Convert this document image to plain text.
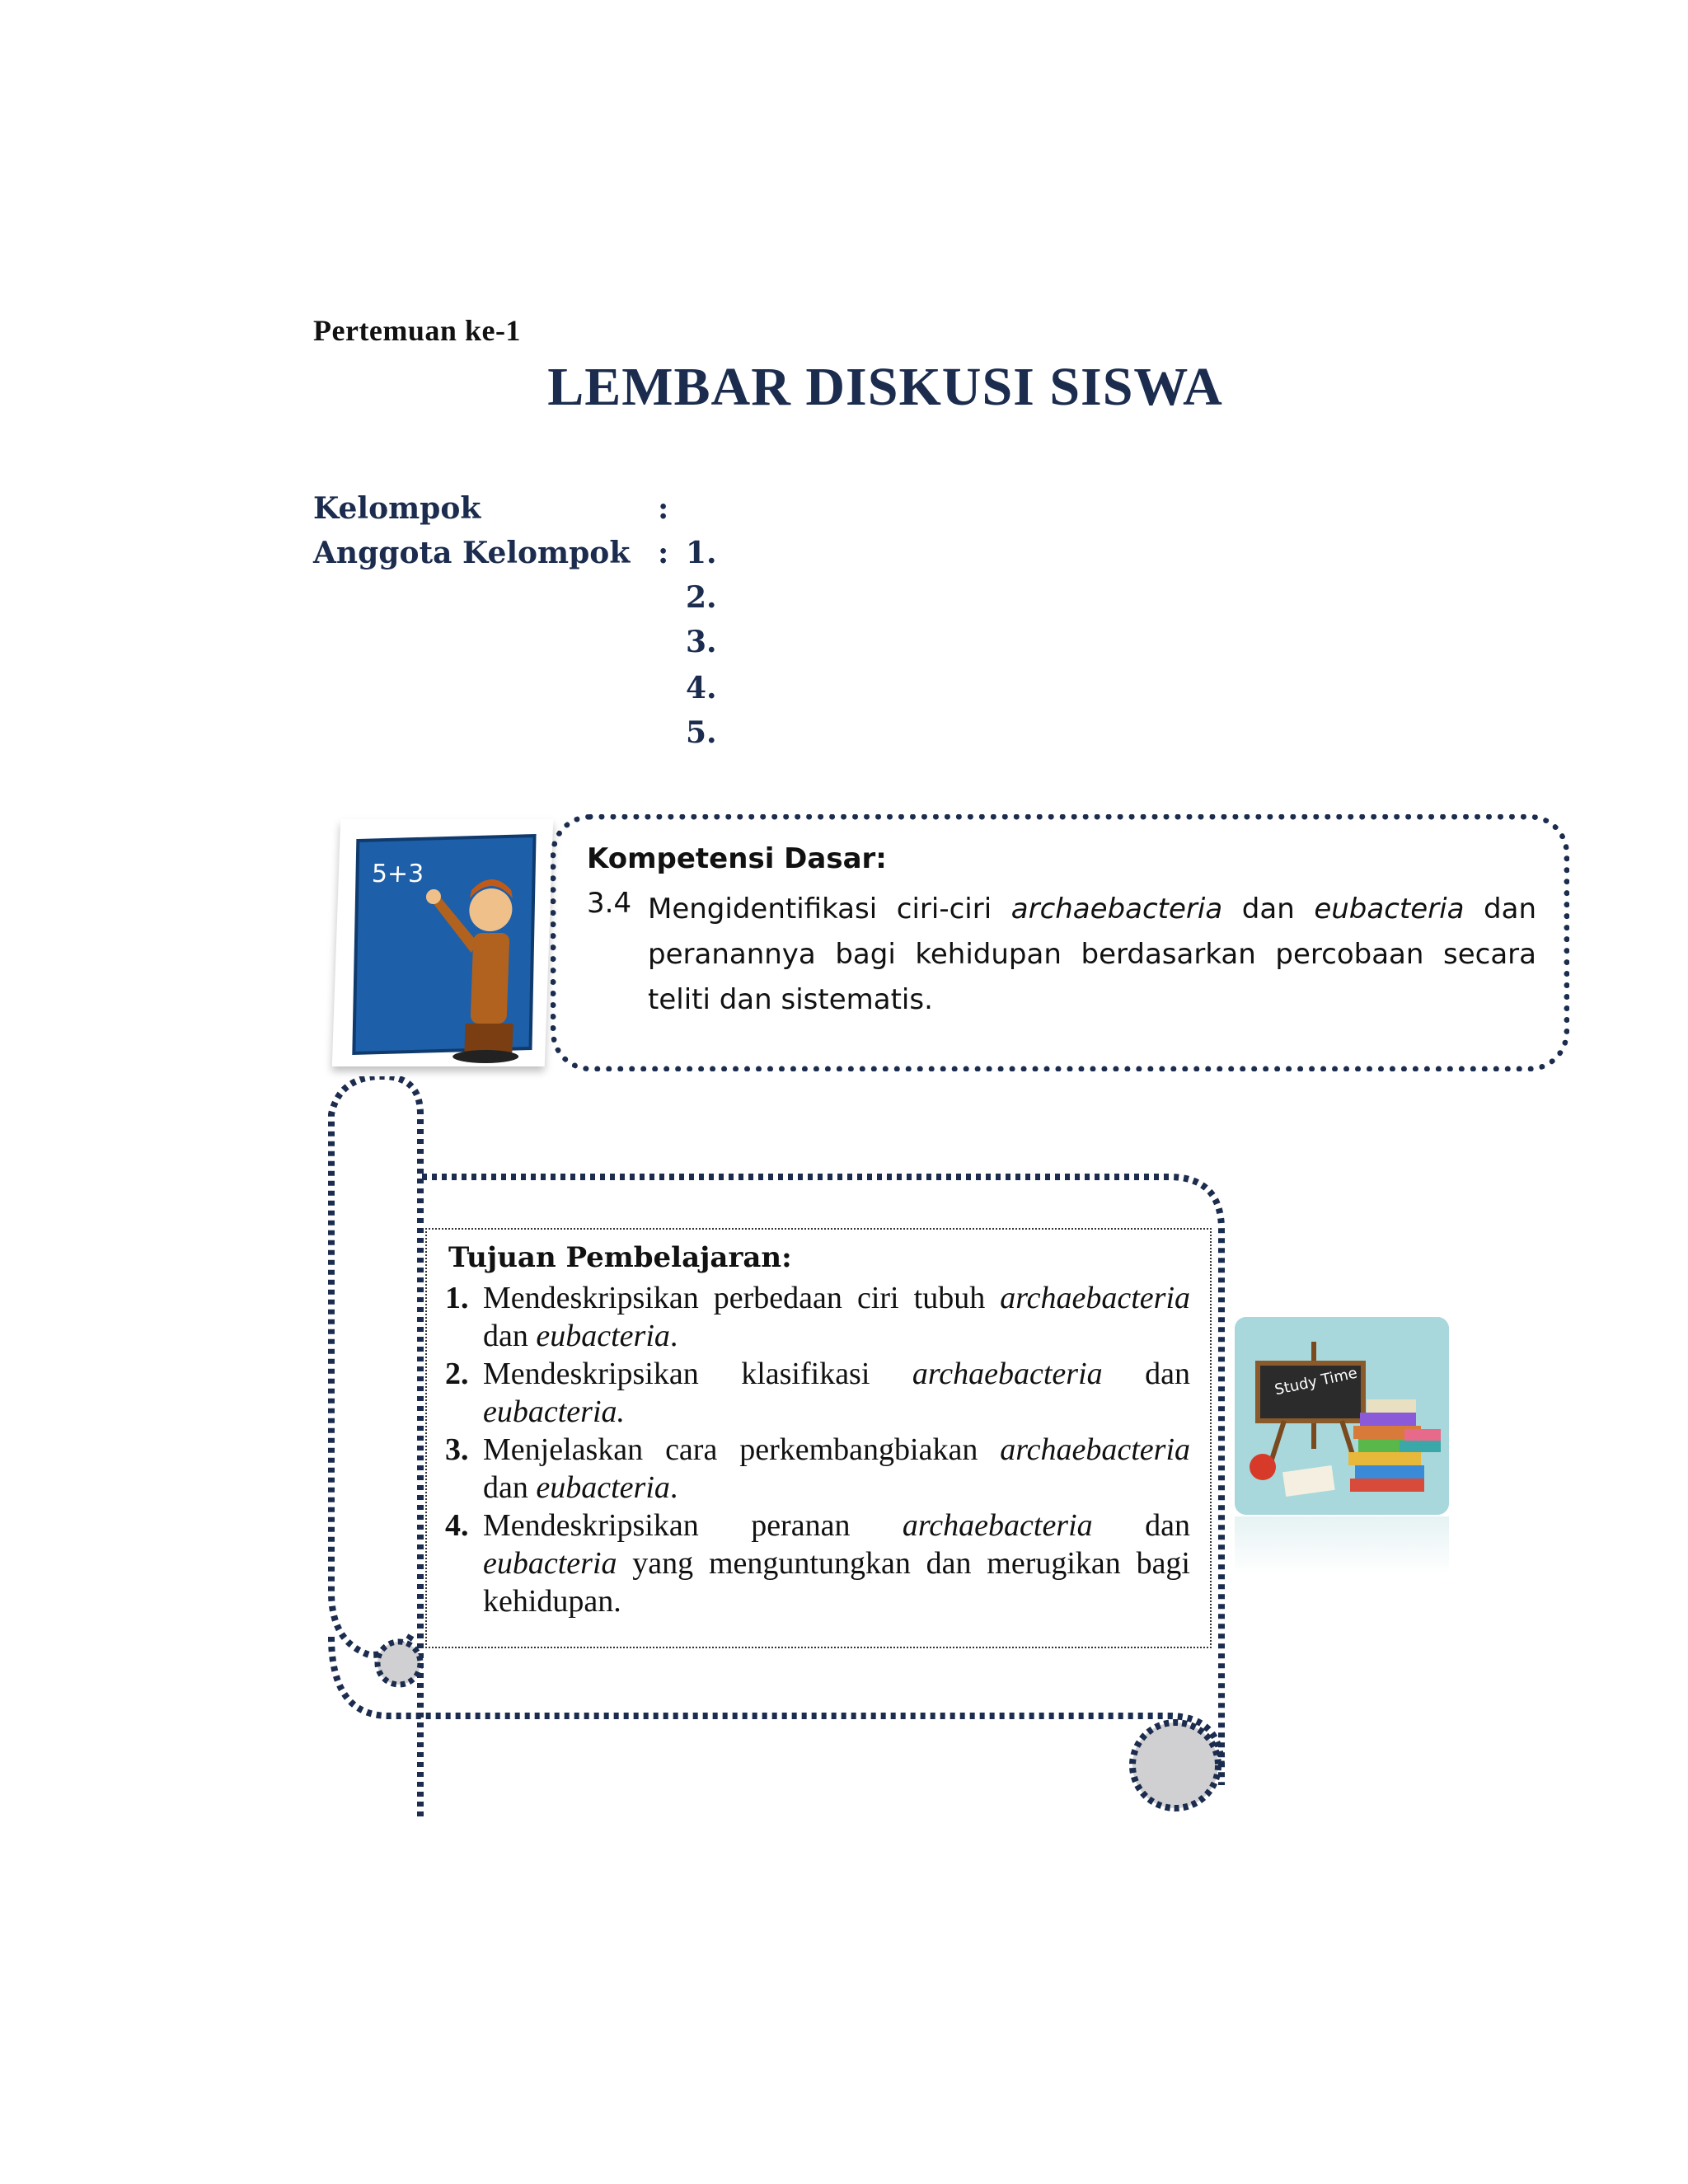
Pertemuan ke-1
LEMBAR DISKUSI SISWA
Kelompok	:
Anggota Kelompok : 1.
2.
3.
4.
5.
5+3	Kompetensi Dasar:
3.4 Mengidentifikasi ciri-ciri archaebacteria dan eubacteria dan peranannya bagi kehidupan berdasarkan percobaan secara teliti dan sistematis.
Tujuan Pembelajaran:
1. Mendeskripsikan perbedaan ciri tubuh archaebacteria dan eubacteria.
2. Mendeskripsikan klasifikasi archaebacteria dan eubacteria.
3. Menjelaskan cara perkembangbiakan archaebacteria dan eubacteria.
4. Mendeskripsikan peranan archaebacteria dan eubacteria yang menguntungkan dan merugikan bagi kehidupan.
Study Time
